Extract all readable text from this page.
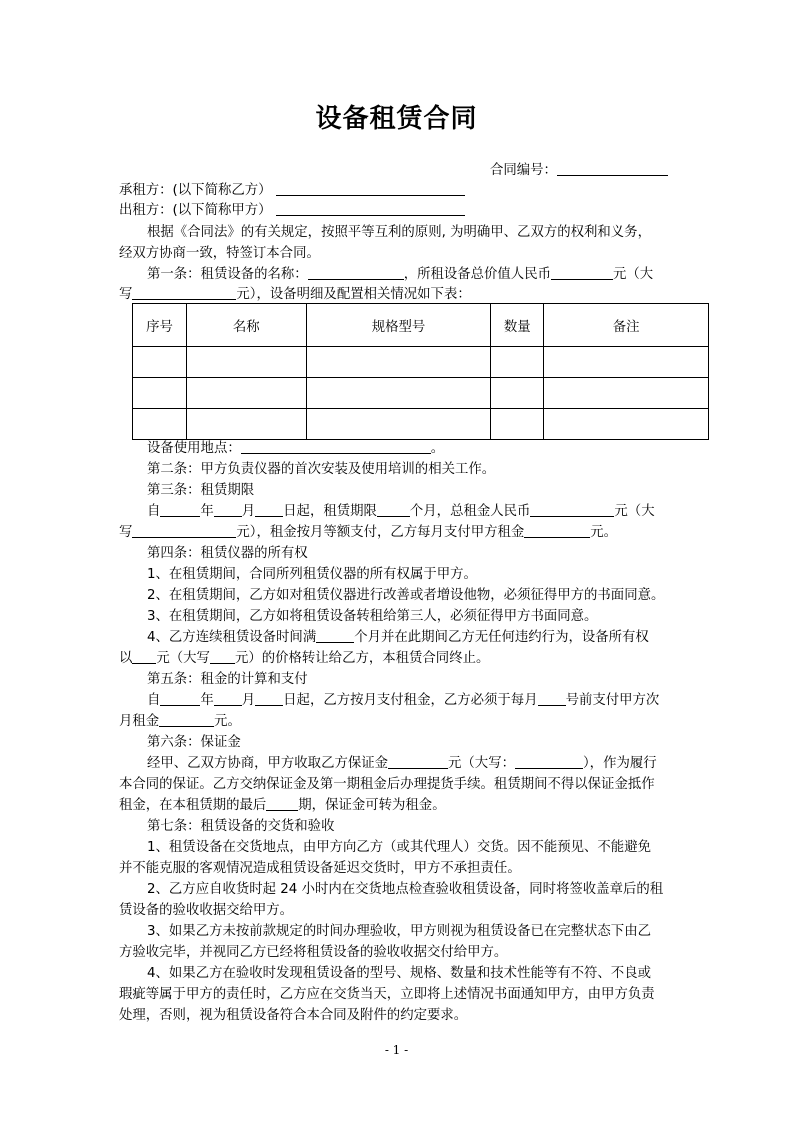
设备租赁合同
合同编号：
承租方：(以下简称乙方）
出租方：(以下简称甲方）
根据《合同法》的有关规定，按照平等互利的原则, 为明确甲、乙双方的权利和义务，
经双方协商一致，特签订本合同。
第一条：租赁设备的名称：	，所租设备总价值人民币	元（大
写	元），设备明细及配置相关情况如下表：
序号	名称	规格型号	数量	备注

设备使用地点：	。
第二条：甲方负责仪器的首次安装及使用培训的相关工作。
第三条：租赁期限
自	年 月 日起，租赁期限 个月，总租金人民币	元（大
写	元），租金按月等额支付，乙方每月支付甲方租金	元。
第四条：租赁仪器的所有权
1、在租赁期间，合同所列租赁仪器的所有权属于甲方。
2、在租赁期间，乙方如对租赁仪器进行改善或者增设他物，必须征得甲方的书面同意。
3、在租赁期间，乙方如将租赁设备转租给第三人，必须征得甲方书面同意。
4、乙方连续租赁设备时间满	个月并在此期间乙方无任何违约行为，设备所有权
以 元（大写 元）的价格转让给乙方，本租赁合同终止。
第五条：租金的计算和支付
自	年 月 日起，乙方按月支付租金，乙方必须于每月 号前支付甲方次
月租金	元。
第六条：保证金
经甲、乙双方协商，甲方收取乙方保证金	元（大写：	），作为履行
本合同的保证。乙方交纳保证金及第一期租金后办理提货手续。租赁期间不得以保证金抵作
租金，在本租赁期的最后 期，保证金可转为租金。
第七条：租赁设备的交货和验收
1、租赁设备在交货地点，由甲方向乙方（或其代理人）交货。因不能预见、不能避免
并不能克服的客观情况造成租赁设备延迟交货时，甲方不承担责任。
2、乙方应自收货时起 24 小时内在交货地点检查验收租赁设备，同时将签收盖章后的租
赁设备的验收收据交给甲方。
3、如果乙方未按前款规定的时间办理验收，甲方则视为租赁设备已在完整状态下由乙
方验收完毕，并视同乙方已经将租赁设备的验收收据交付给甲方。
4、如果乙方在验收时发现租赁设备的型号、规格、数量和技术性能等有不符、不良或
瑕疵等属于甲方的责任时，乙方应在交货当天，立即将上述情况书面通知甲方，由甲方负责
处理，否则，视为租赁设备符合本合同及附件的约定要求。
- 1 -
